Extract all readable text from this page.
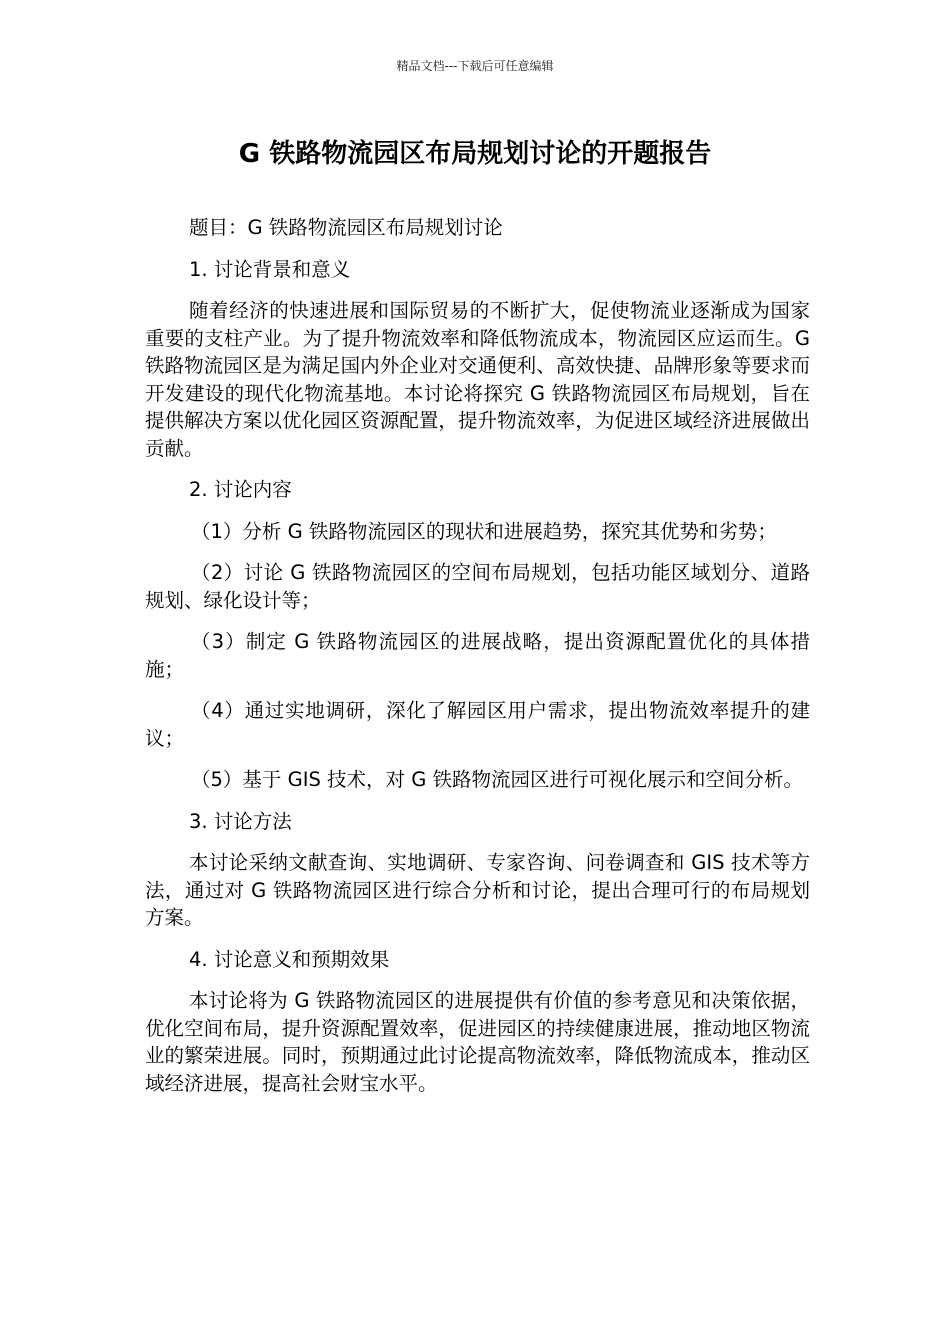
精品文档---下载后可任意编辑
G 铁路物流园区布局规划讨论的开题报告

题目：G 铁路物流园区布局规划讨论

1. 讨论背景和意义

随着经济的快速进展和国际贸易的不断扩大，促使物流业逐渐成为国家重要的支柱产业。为了提升物流效率和降低物流成本，物流园区应运而生。G 铁路物流园区是为满足国内外企业对交通便利、高效快捷、品牌形象等要求而开发建设的现代化物流基地。本讨论将探究 G 铁路物流园区布局规划，旨在提供解决方案以优化园区资源配置，提升物流效率，为促进区域经济进展做出贡献。

2. 讨论内容

（1）分析 G 铁路物流园区的现状和进展趋势，探究其优势和劣势；

（2）讨论 G 铁路物流园区的空间布局规划，包括功能区域划分、道路规划、绿化设计等；

（3）制定 G 铁路物流园区的进展战略，提出资源配置优化的具体措施；

（4）通过实地调研，深化了解园区用户需求，提出物流效率提升的建议；

（5）基于 GIS 技术，对 G 铁路物流园区进行可视化展示和空间分析。

3. 讨论方法

本讨论采纳文献查询、实地调研、专家咨询、问卷调查和 GIS 技术等方法，通过对 G 铁路物流园区进行综合分析和讨论，提出合理可行的布局规划方案。

4. 讨论意义和预期效果

本讨论将为 G 铁路物流园区的进展提供有价值的参考意见和决策依据，优化空间布局，提升资源配置效率，促进园区的持续健康进展，推动地区物流业的繁荣进展。同时，预期通过此讨论提高物流效率，降低物流成本，推动区域经济进展，提高社会财宝水平。
